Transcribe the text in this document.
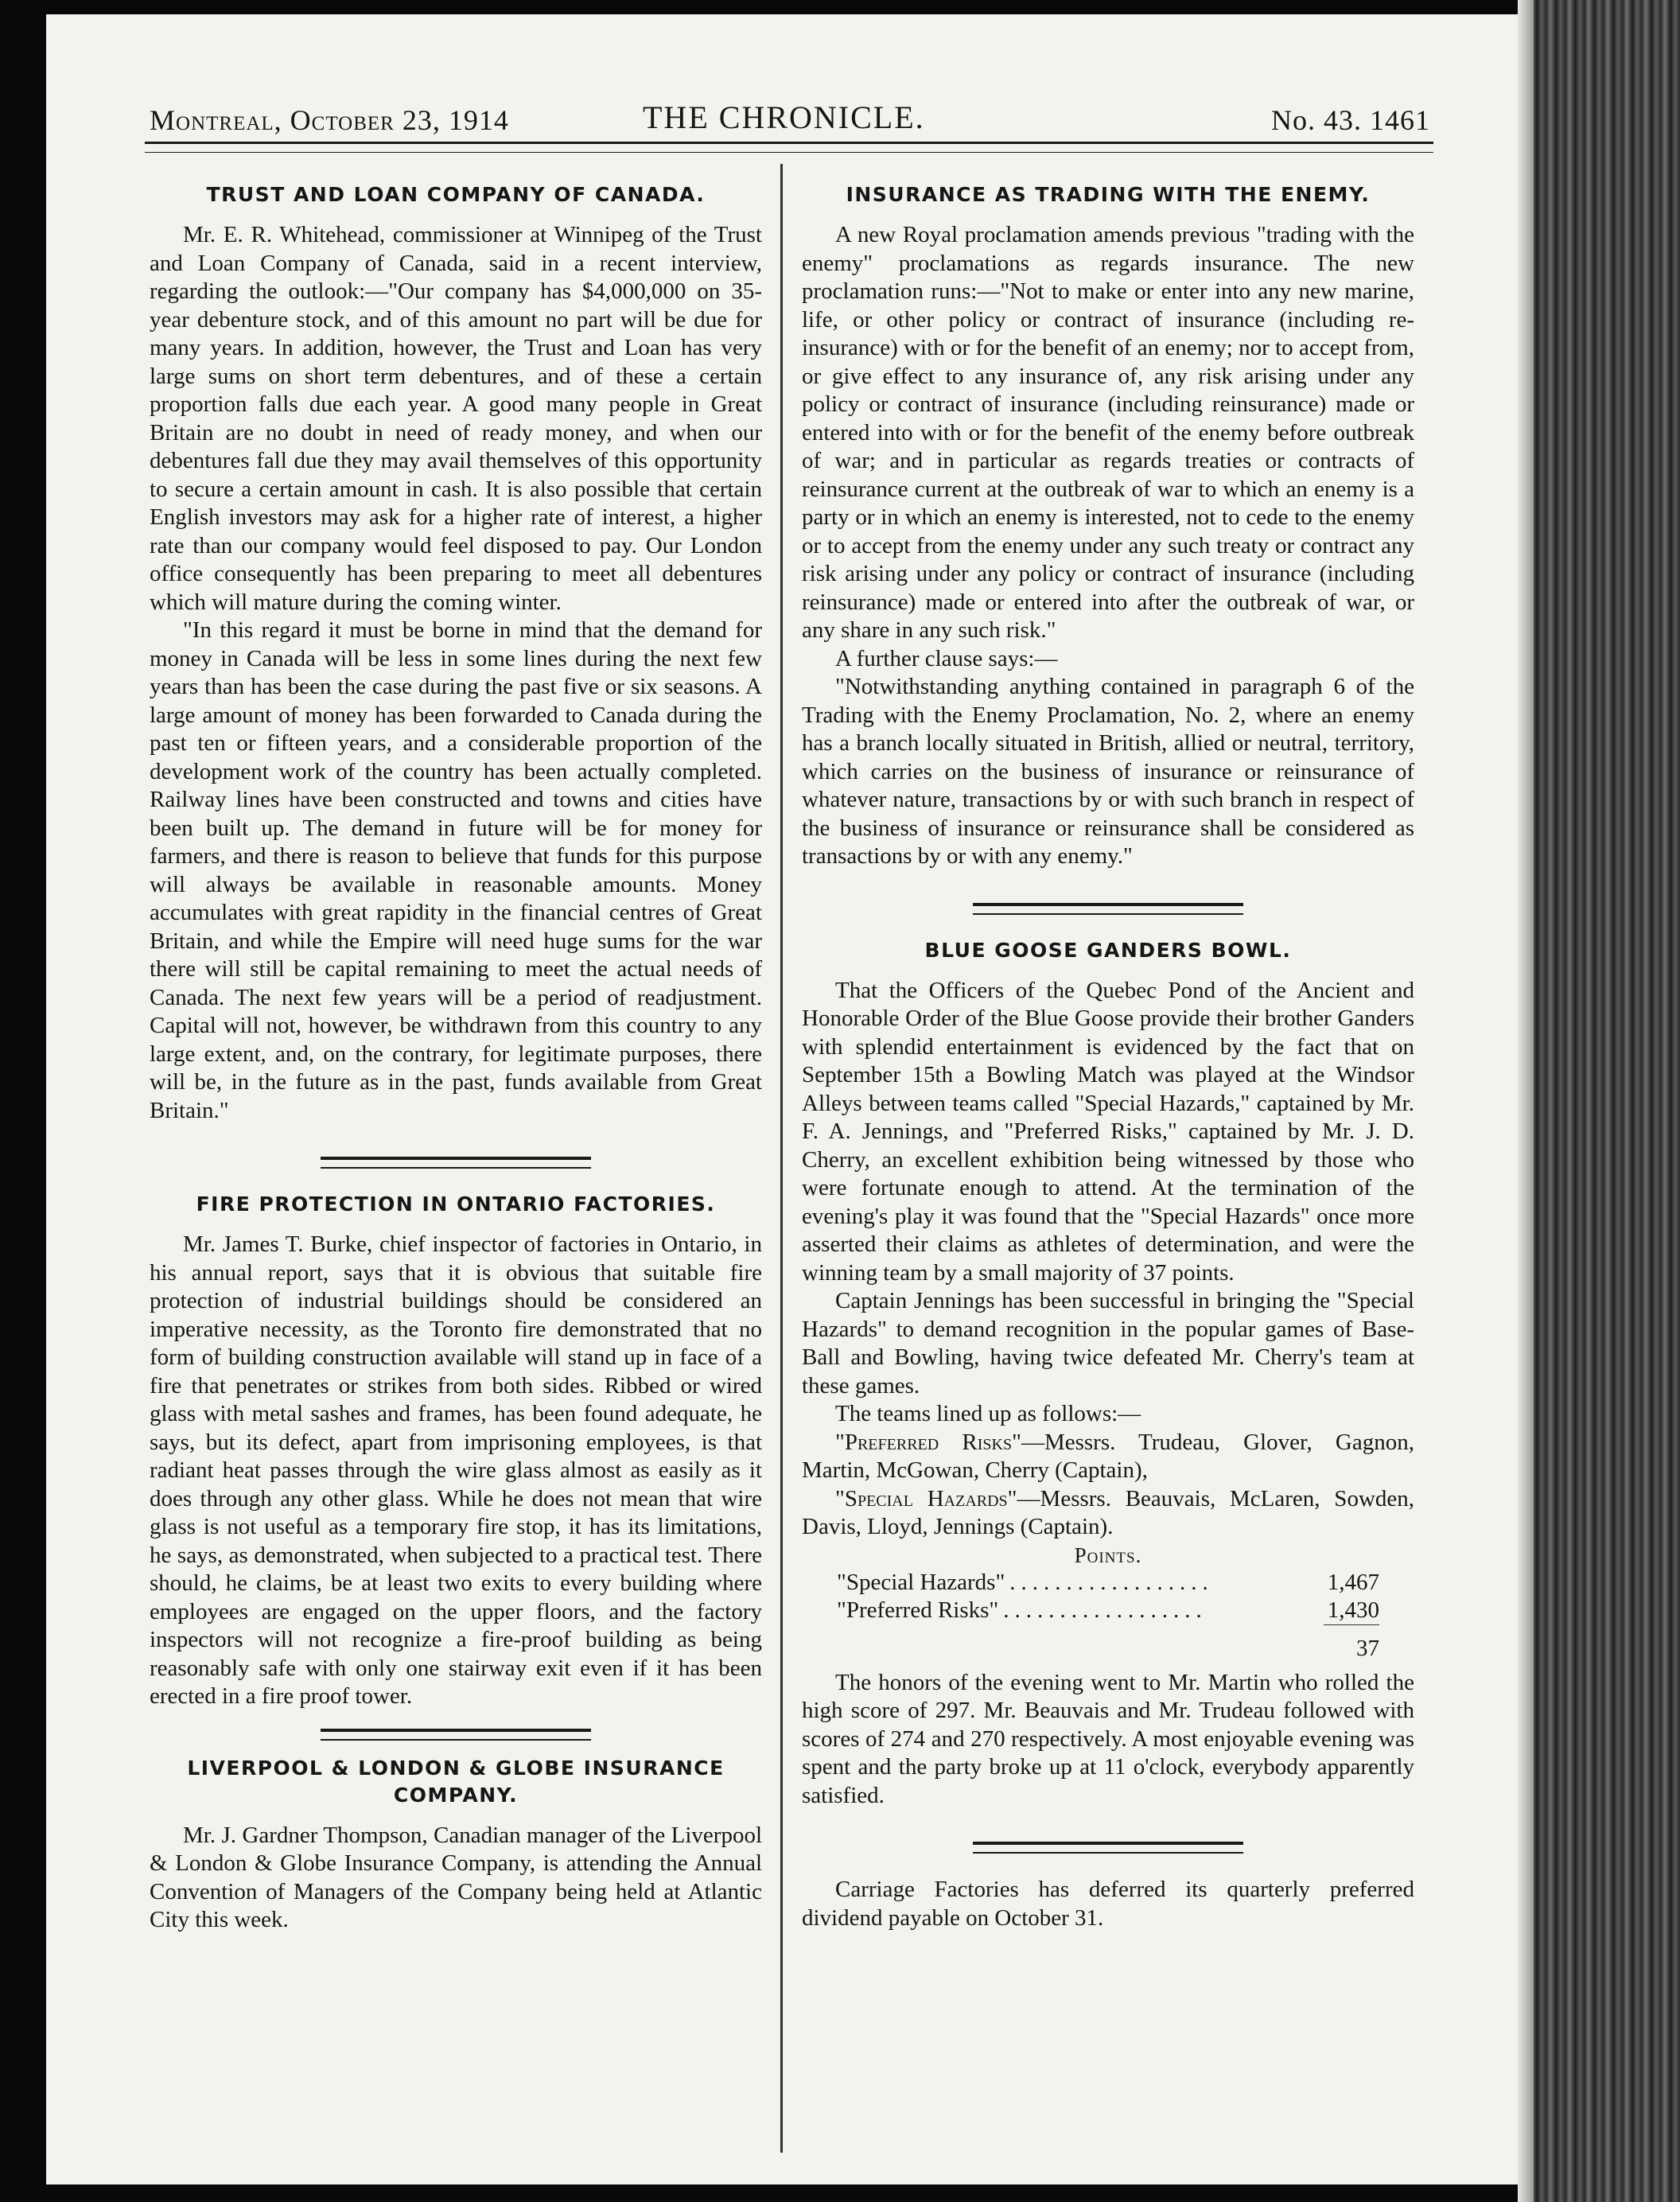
Montreal, October 23, 1914	THE CHRONICLE.	No. 43. 1461
TRUST AND LOAN COMPANY OF CANADA.

Mr. E. R. Whitehead, commissioner at Winnipeg of the Trust and Loan Company of Canada, said in a recent interview, regarding the outlook:—"Our company has $4,000,000 on 35-year debenture stock, and of this amount no part will be due for many years. In addition, however, the Trust and Loan has very large sums on short term debentures, and of these a certain proportion falls due each year. A good many people in Great Britain are no doubt in need of ready money, and when our debentures fall due they may avail themselves of this opportunity to secure a certain amount in cash. It is also possible that certain English investors may ask for a higher rate of interest, a higher rate than our company would feel disposed to pay. Our London office consequently has been preparing to meet all debentures which will mature during the coming winter.

"In this regard it must be borne in mind that the demand for money in Canada will be less in some lines during the next few years than has been the case during the past five or six seasons. A large amount of money has been forwarded to Canada during the past ten or fifteen years, and a considerable proportion of the development work of the country has been actually completed. Railway lines have been constructed and towns and cities have been built up. The demand in future will be for money for farmers, and there is reason to believe that funds for this purpose will always be available in reasonable amounts. Money accumulates with great rapidity in the financial centres of Great Britain, and while the Empire will need huge sums for the war there will still be capital remaining to meet the actual needs of Canada. The next few years will be a period of readjustment. Capital will not, however, be withdrawn from this country to any large extent, and, on the contrary, for legitimate purposes, there will be, in the future as in the past, funds available from Great Britain."

FIRE PROTECTION IN ONTARIO FACTORIES.

Mr. James T. Burke, chief inspector of factories in Ontario, in his annual report, says that it is obvious that suitable fire protection of industrial buildings should be considered an imperative necessity, as the Toronto fire demonstrated that no form of building construction available will stand up in face of a fire that penetrates or strikes from both sides. Ribbed or wired glass with metal sashes and frames, has been found adequate, he says, but its defect, apart from imprisoning employees, is that radiant heat passes through the wire glass almost as easily as it does through any other glass. While he does not mean that wire glass is not useful as a temporary fire stop, it has its limitations, he says, as demonstrated, when subjected to a practical test. There should, he claims, be at least two exits to every building where employees are engaged on the upper floors, and the factory inspectors will not recognize a fire-proof building as being reasonably safe with only one stairway exit even if it has been erected in a fire proof tower.

LIVERPOOL & LONDON & GLOBE INSURANCE COMPANY.

Mr. J. Gardner Thompson, Canadian manager of the Liverpool & London & Globe Insurance Company, is attending the Annual Convention of Managers of the Company being held at Atlantic City this week.

INSURANCE AS TRADING WITH THE ENEMY.

A new Royal proclamation amends previous "trading with the enemy" proclamations as regards insurance. The new proclamation runs:—"Not to make or enter into any new marine, life, or other policy or contract of insurance (including re-insurance) with or for the benefit of an enemy; nor to accept from, or give effect to any insurance of, any risk arising under any policy or contract of insurance (including reinsurance) made or entered into with or for the benefit of the enemy before outbreak of war; and in particular as regards treaties or contracts of reinsurance current at the outbreak of war to which an enemy is a party or in which an enemy is interested, not to cede to the enemy or to accept from the enemy under any such treaty or contract any risk arising under any policy or contract of insurance (including reinsurance) made or entered into after the outbreak of war, or any share in any such risk."

A further clause says:—

"Notwithstanding anything contained in paragraph 6 of the Trading with the Enemy Proclamation, No. 2, where an enemy has a branch locally situated in British, allied or neutral, territory, which carries on the business of insurance or reinsurance of whatever nature, transactions by or with such branch in respect of the business of insurance or reinsurance shall be considered as transactions by or with any enemy."

BLUE GOOSE GANDERS BOWL.

That the Officers of the Quebec Pond of the Ancient and Honorable Order of the Blue Goose provide their brother Ganders with splendid entertainment is evidenced by the fact that on September 15th a Bowling Match was played at the Windsor Alleys between teams called "Special Hazards," captained by Mr. F. A. Jennings, and "Preferred Risks," captained by Mr. J. D. Cherry, an excellent exhibition being witnessed by those who were fortunate enough to attend. At the termination of the evening's play it was found that the "Special Hazards" once more asserted their claims as athletes of determination, and were the winning team by a small majority of 37 points.

Captain Jennings has been successful in bringing the "Special Hazards" to demand recognition in the popular games of Base-Ball and Bowling, having twice defeated Mr. Cherry's team at these games.

The teams lined up as follows:—

"Preferred Risks"—Messrs. Trudeau, Glover, Gagnon, Martin, McGowan, Cherry (Captain),

"Special Hazards"—Messrs. Beauvais, McLaren, Sowden, Davis, Lloyd, Jennings (Captain).

Points.

"Special Hazards" ..................	1,467
"Preferred Risks" ..................	1,430
37

The honors of the evening went to Mr. Martin who rolled the high score of 297. Mr. Beauvais and Mr. Trudeau followed with scores of 274 and 270 respectively. A most enjoyable evening was spent and the party broke up at 11 o'clock, everybody apparently satisfied.

Carriage Factories has deferred its quarterly preferred dividend payable on October 31.
